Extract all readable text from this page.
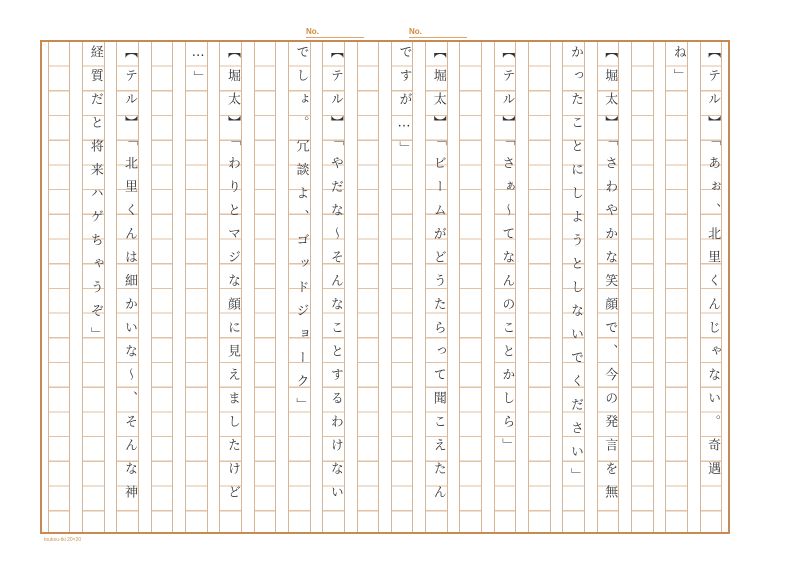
No.	No.
【テル】「あぉ、北里くんじゃない。奇遇
ね」
【堀太】「さわやかな笑顔で、今の発言を無
かったことにしようとしないでください」
【テル】「さぁ～てなんのことかしら」
【堀太】「ビームがどうたらって聞こえたん
ですが…」
【テル】「やだな～そんなことするわけない
でしょ。冗談よ、ゴッドジョーク」
【堀太】「わりとマジな顔に見えましたけど
…」
【テル】「北里くんは細かいな～、そんな神
経質だと将来ハゲちゃうぞ」
toukou-tki 20×20
